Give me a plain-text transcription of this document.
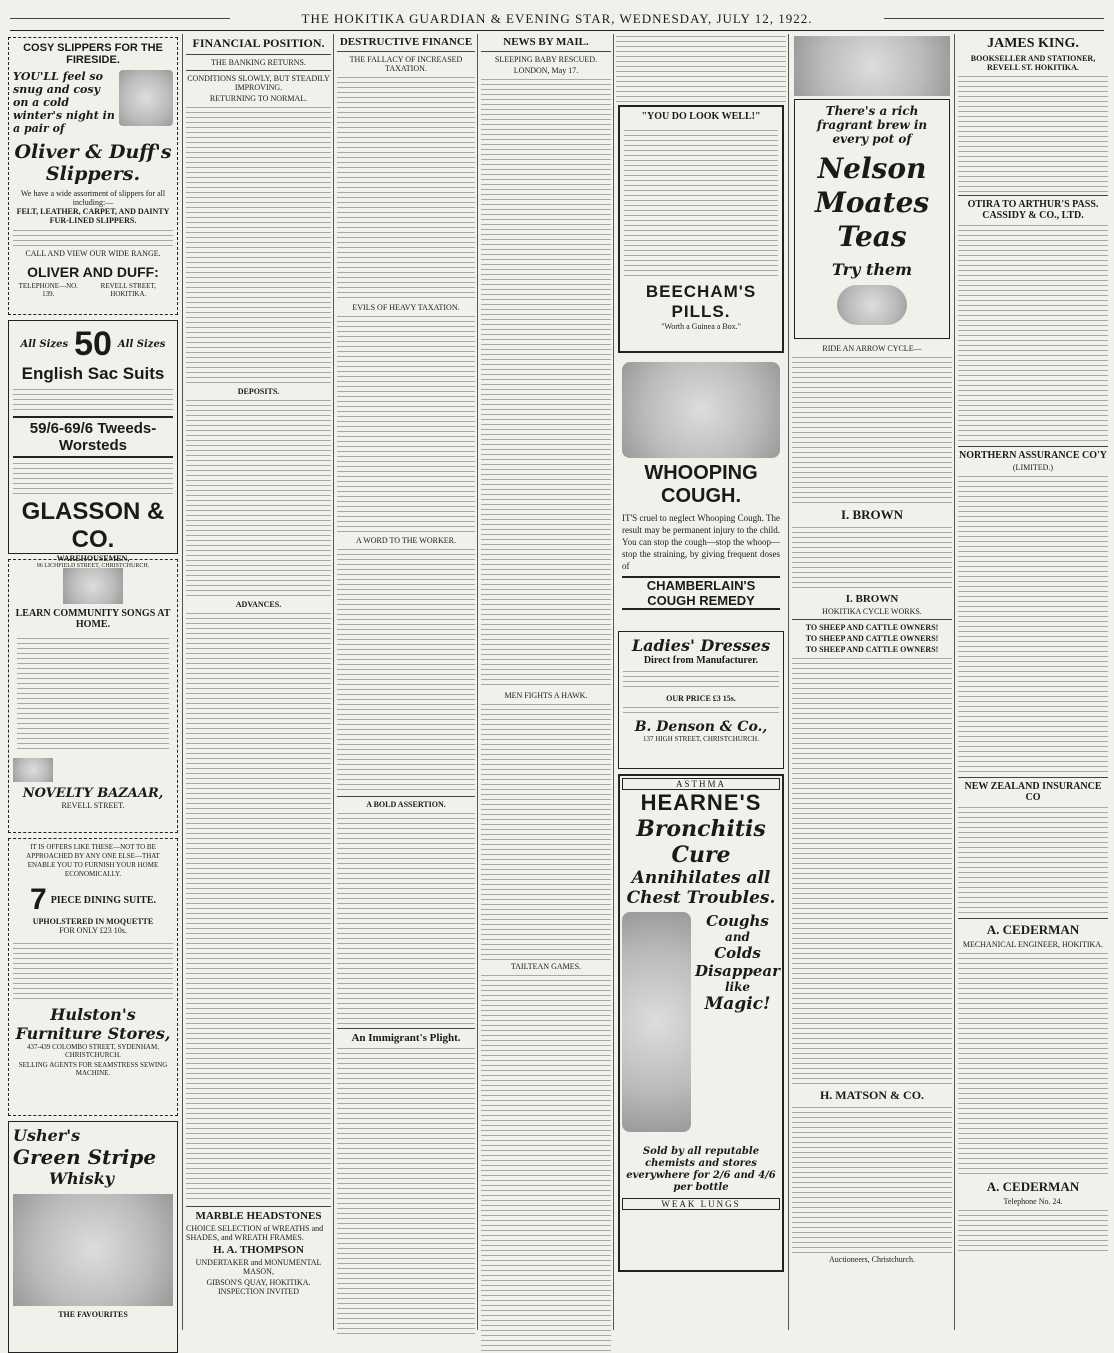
THE HOKITIKA GUARDIAN & EVENING STAR, WEDNESDAY, JULY 12, 1922.
COSY SLIPPERS FOR THE FIRESIDE.
YOU'LL feel so snug and cosy on a cold winter's night in a pair of
Oliver & Duff's Slippers.
We have a wide assortment of slippers for all including:—
FELT, LEATHER, CARPET, AND DAINTY FUR-LINED SLIPPERS.
CALL AND VIEW OUR WIDE RANGE.
OLIVER AND DUFF:
TELEPHONE—NO. 139.
REVELL STREET, HOKITIKA.
All Sizes 50 All Sizes
English Sac Suits
59/6-69/6 Tweeds-Worsteds
GLASSON & CO.
WAREHOUSEMEN,
96 LICHFIELD STREET, CHRISTCHURCH.
LEARN COMMUNITY SONGS AT HOME.
NOVELTY BAZAAR,
REVELL STREET.
IT IS OFFERS LIKE THESE—NOT TO BE APPROACHED BY ANY ONE ELSE—THAT ENABLE YOU TO FURNISH YOUR HOME ECONOMICALLY.
7 PIECE DINING SUITE.
UPHOLSTERED IN MOQUETTE
FOR ONLY £23 10s.
Hulston's Furniture Stores,
437-439 COLOMBO STREET, SYDENHAM, CHRISTCHURCH.
SELLING AGENTS FOR SEAMSTRESS SEWING MACHINE.
Usher's
Green Stripe
Whisky
THE FAVOURITES
FINANCIAL POSITION.
THE BANKING RETURNS.
CONDITIONS SLOWLY, BUT STEADILY IMPROVING.
RETURNING TO NORMAL.
DEPOSITS.
ADVANCES.
MARBLE HEADSTONES
CHOICE SELECTION of WREATHS and SHADES, and WREATH FRAMES.
H. A. THOMPSON
UNDERTAKER and MONUMENTAL MASON,
GIBSON'S QUAY, HOKITIKA. INSPECTION INVITED
DESTRUCTIVE FINANCE
THE FALLACY OF INCREASED TAXATION.
EVILS OF HEAVY TAXATION.
A WORD TO THE WORKER.
A BOLD ASSERTION.
An Immigrant's Plight.
NEWS BY MAIL.
SLEEPING BABY RESCUED.
LONDON, May 17.
MEN FIGHTS A HAWK.
TAILTEAN GAMES.
"YOU DO LOOK WELL!"
BEECHAM'S PILLS.
"Worth a Guinea a Box."
WHOOPING COUGH.
IT'S cruel to neglect Whooping Cough. The result may be permanent injury to the child. You can stop the cough—stop the whoop—stop the straining, by giving frequent doses of
CHAMBERLAIN'S COUGH REMEDY
Ladies' Dresses
Direct from Manufacturer.
OUR PRICE £3 15s.
B. Denson & Co.,
137 HIGH STREET, CHRISTCHURCH.
ASTHMA
HEARNE'S
Bronchitis Cure
Annihilates all
Chest Troubles.
Coughs
and
Colds
Disappear
like
Magic!
Sold by all reputable chemists and stores everywhere for 2/6 and 4/6 per bottle
WEAK LUNGS
There's a rich fragrant brew in every pot of
Nelson Moates Teas
Try them
RIDE AN ARROW CYCLE—
I. BROWN
I. BROWN
HOKITIKA CYCLE WORKS.
TO SHEEP AND CATTLE OWNERS!
TO SHEEP AND CATTLE OWNERS!
TO SHEEP AND CATTLE OWNERS!
H. MATSON & CO.
Auctioneers, Christchurch.
JAMES KING.
BOOKSELLER AND STATIONER, REVELL ST. HOKITIKA.
OTIRA TO ARTHUR'S PASS. CASSIDY & CO., LTD.
NORTHERN ASSURANCE CO'Y
(LIMITED.)
NEW ZEALAND INSURANCE CO
A. CEDERMAN
MECHANICAL ENGINEER, HOKITIKA.
A. CEDERMAN
Telephone No. 24.
